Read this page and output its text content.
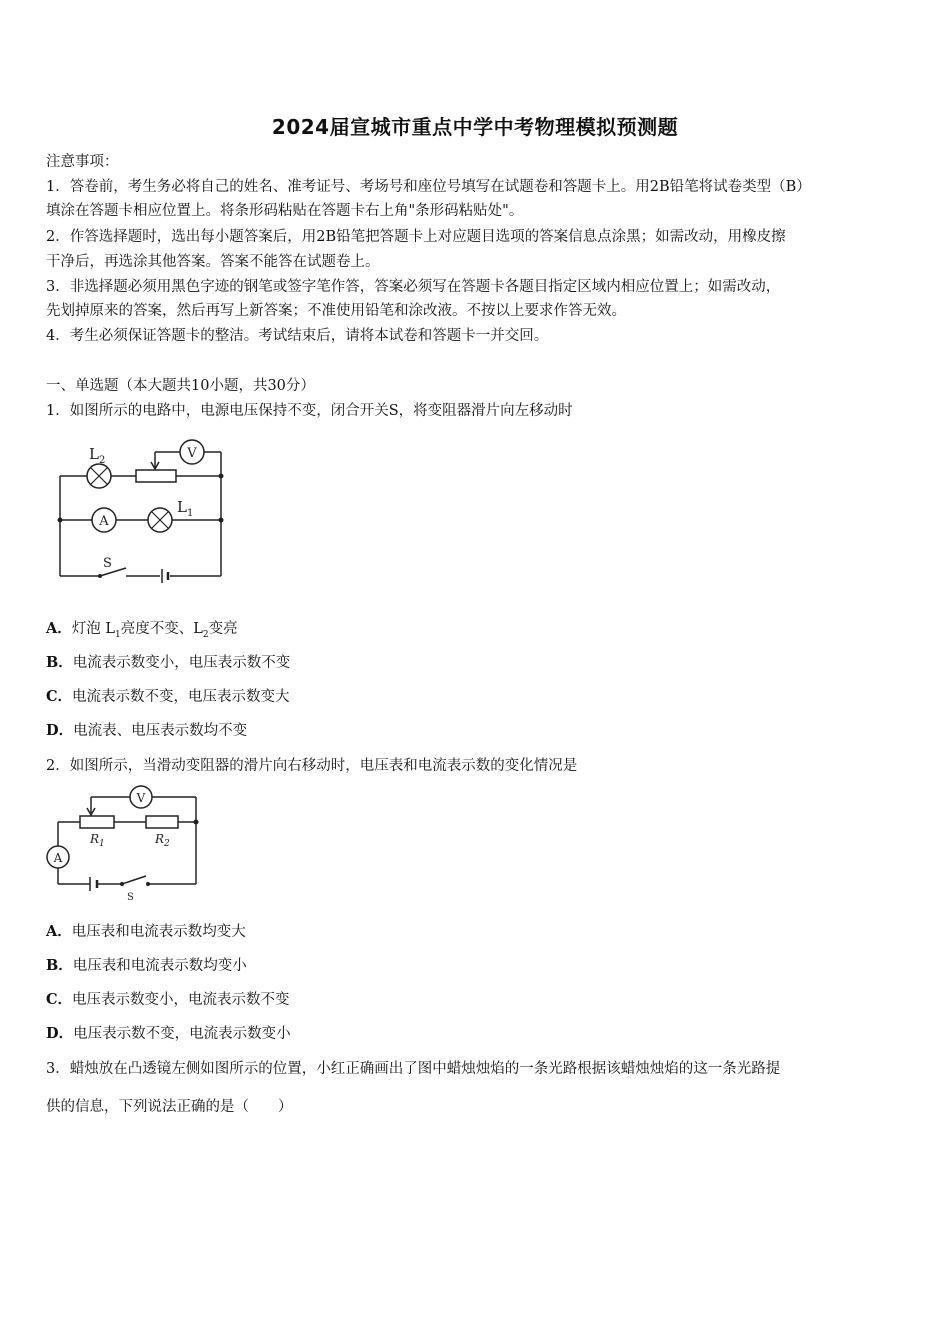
2024届宣城市重点中学中考物理模拟预测题
注意事项：
1．答卷前，考生务必将自己的姓名、准考证号、考场号和座位号填写在试题卷和答题卡上。用2B铅笔将试卷类型（B）
填涂在答题卡相应位置上。将条形码粘贴在答题卡右上角"条形码粘贴处"。
2．作答选择题时，选出每小题答案后，用2B铅笔把答题卡上对应题目选项的答案信息点涂黑；如需改动，用橡皮擦
干净后，再选涂其他答案。答案不能答在试题卷上。
3．非选择题必须用黑色字迹的钢笔或签字笔作答，答案必须写在答题卡各题目指定区域内相应位置上；如需改动，
先划掉原来的答案，然后再写上新答案；不准使用铅笔和涂改液。不按以上要求作答无效。
4．考生必须保证答题卡的整洁。考试结束后，请将本试卷和答题卡一并交回。
一、单选题（本大题共10小题，共30分）
1．如图所示的电路中，电源电压保持不变，闭合开关S，将变阻器滑片向左移动时
$L_2$	V
A
$L_1$
S
A．灯泡 $L_1$亮度不变、$L_2$变亮
B．电流表示数变小，电压表示数不变
C．电流表示数不变，电压表示数变大
D．电流表、电压表示数均不变
2．如图所示，当滑动变阻器的滑片向右移动时，电压表和电流表示数的变化情况是
V
A
$R_1$	$R_2$
S
A．电压表和电流表示数均变大
B．电压表和电流表示数均变小
C．电压表示数变小，电流表示数不变
D．电压表示数不变，电流表示数变小
3．蜡烛放在凸透镜左侧如图所示的位置，小红正确画出了图中蜡烛烛焰的一条光路根据该蜡烛烛焰的这一条光路提
供的信息，下列说法正确的是（　　）
